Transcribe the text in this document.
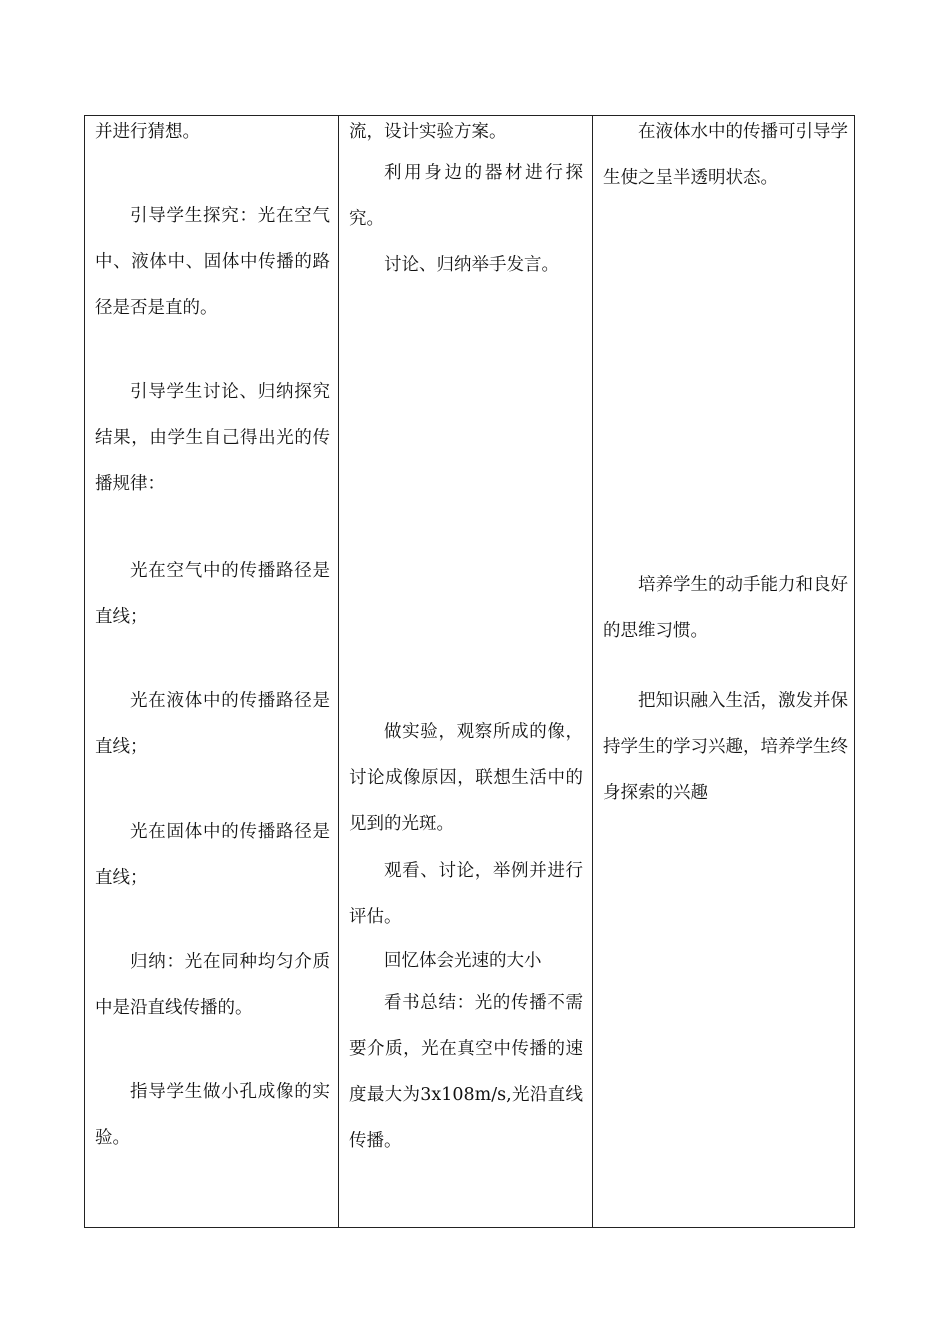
并进行猜想。

引导学生探究：光在空气中、液体中、固体中传播的路径是否是直的。

引导学生讨论、归纳探究结果，由学生自己得出光的传播规律：

光在空气中的传播路径是直线；

光在液体中的传播路径是直线；

光在固体中的传播路径是直线；

归纳：光在同种均匀介质中是沿直线传播的。

指导学生做小孔成像的实验。

流，设计实验方案。

利用身边的器材进行探究。

讨论、归纳举手发言。

做实验，观察所成的像，讨论成像原因，联想生活中的见到的光斑。

观看、讨论，举例并进行评估。

回忆体会光速的大小

看书总结：光的传播不需要介质，光在真空中传播的速度最大为3x108m/s,光沿直线传播。

在液体水中的传播可引导学生使之呈半透明状态。

培养学生的动手能力和良好的思维习惯。

把知识融入生活，激发并保持学生的学习兴趣，培养学生终身探索的兴趣
